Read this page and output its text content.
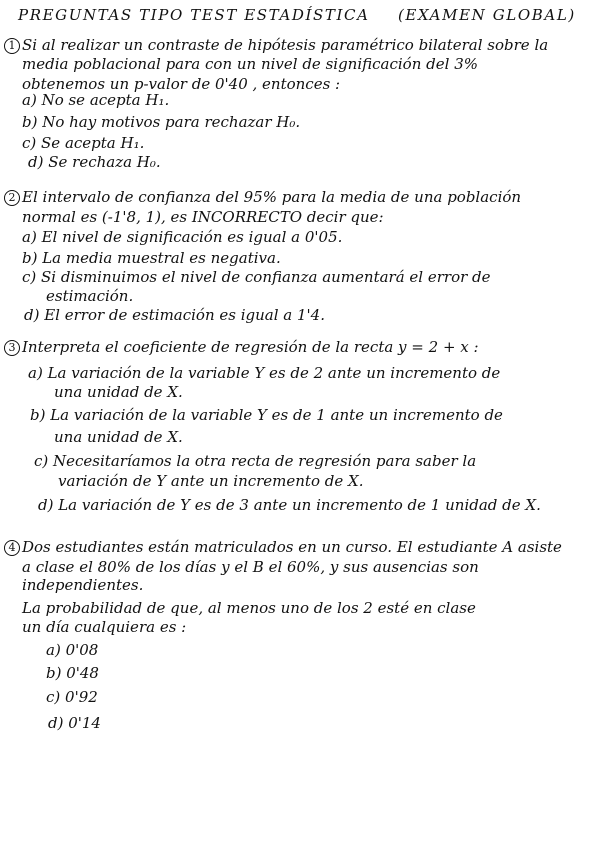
PREGUNTAS TIPO TEST ESTADÍSTICA (EXAMEN GLOBAL)
1 Si al realizar un contraste de hipótesis paramétrico bilateral sobre la
media poblacional para con un nivel de significación del 3%
obtenemos un p-valor de 0'40 , entonces :
a) No se acepta H₁.
b) No hay motivos para rechazar H₀.
c) Se acepta H₁.
d) Se rechaza H₀.
2 El intervalo de confianza del 95% para la media de una población
normal es (-1'8, 1), es INCORRECTO decir que:
a) El nivel de significación es igual a 0'05.
b) La media muestral es negativa.
c) Si disminuimos el nivel de confianza aumentará el error de
estimación.
d) El error de estimación es igual a 1'4.
3 Interpreta el coeficiente de regresión de la recta y = 2 + x :
a) La variación de la variable Y es de 2 ante un incremento de
una unidad de X.
b) La variación de la variable Y es de 1 ante un incremento de
una unidad de X.
c) Necesitaríamos la otra recta de regresión para saber la
variación de Y ante un incremento de X.
d) La variación de Y es de 3 ante un incremento de 1 unidad de X.
4 Dos estudiantes están matriculados en un curso. El estudiante A asiste
a clase el 80% de los días y el B el 60%, y sus ausencias son
independientes.
La probabilidad de que, al menos uno de los 2 esté en clase
un día cualquiera es :
a) 0'08
b) 0'48
c) 0'92
d) 0'14
